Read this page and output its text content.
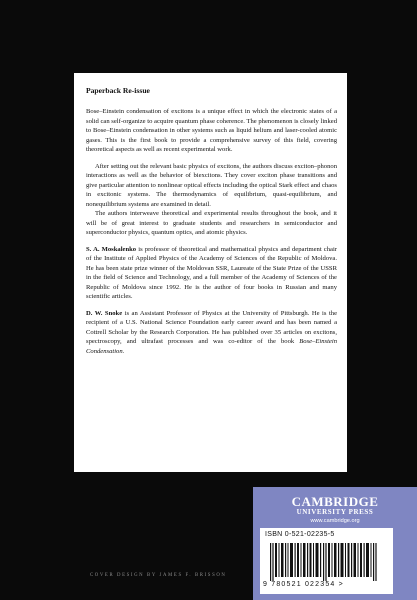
Paperback Re-issue

Bose–Einstein condensation of excitons is a unique effect in which the electronic states of a solid can self-organize to acquire quantum phase coherence. The phenomenon is closely linked to Bose–Einstein condensation in other systems such as liquid helium and laser-cooled atomic gases. This is the first book to provide a comprehensive survey of this field, covering theoretical aspects as well as recent experimental work.

After setting out the relevant basic physics of excitons, the authors discuss exciton–phonon interactions as well as the behavior of biexcitons. They cover exciton phase transitions and give particular attention to nonlinear optical effects including the optical Stark effect and chaos in excitonic systems. The thermodynamics of equilibrium, quasi-equilibrium, and nonequilibrium systems are examined in detail.

The authors interweave theoretical and experimental results throughout the book, and it will be of great interest to graduate students and researchers in semiconductor and superconductor physics, quantum optics, and atomic physics.

S. A. Moskalenko is professor of theoretical and mathematical physics and department chair of the Institute of Applied Physics of the Academy of Sciences of the Republic of Moldova. He has been state prize winner of the Moldovan SSR, Laureate of the State Prize of the USSR in the field of Science and Technology, and a full member of the Academy of Sciences of the Republic of Moldova since 1992. He is the author of four books in Russian and many scientific articles.

D. W. Snoke is an Assistant Professor of Physics at the University of Pittsburgh. He is the recipient of a U.S. National Science Foundation early career award and has been named a Cottrell Scholar by the Research Corporation. He has published over 35 articles on excitons, spectroscopy, and ultrafast processes and was co-editor of the book Bose–Einstein Condensation.

CAMBRIDGE
UNIVERSITY PRESS
www.cambridge.org
ISBN 0-521-02235-5
9 780521 022354 >
COVER DESIGN BY JAMES F. BRISSON
